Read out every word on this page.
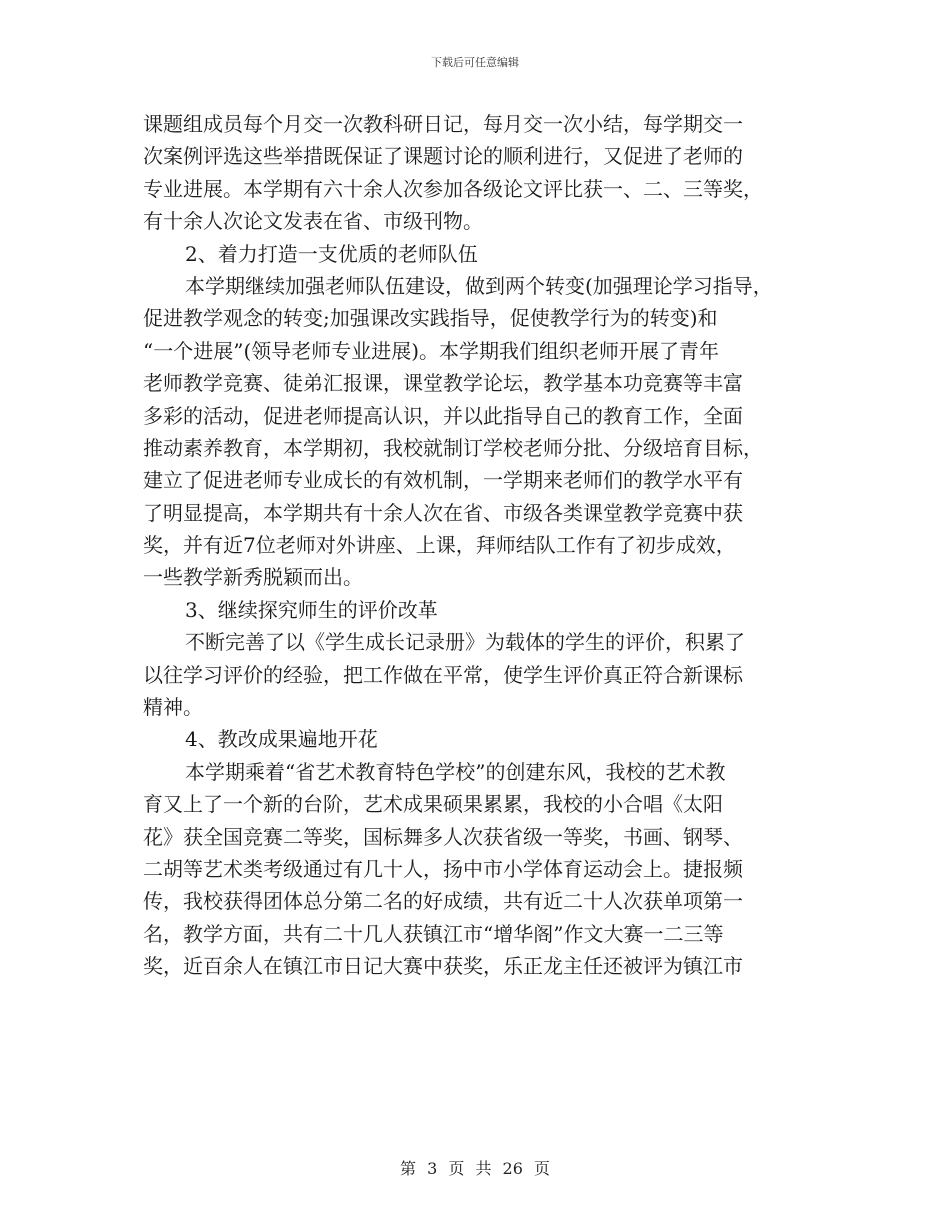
下载后可任意编辑
课题组成员每个月交一次教科研日记，每月交一次小结，每学期交一
次案例评选这些举措既保证了课题讨论的顺利进行，又促进了老师的
专业进展。本学期有六十余人次参加各级论文评比获一、二、三等奖，
有十余人次论文发表在省、市级刊物。
2、着力打造一支优质的老师队伍
本学期继续加强老师队伍建设，做到两个转变(加强理论学习指导，
促进教学观念的转变;加强课改实践指导，促使教学行为的转变)和
“一个进展”(领导老师专业进展)。本学期我们组织老师开展了青年
老师教学竞赛、徒弟汇报课，课堂教学论坛，教学基本功竞赛等丰富
多彩的活动，促进老师提高认识，并以此指导自己的教育工作，全面
推动素养教育，本学期初，我校就制订学校老师分批、分级培育目标，
建立了促进老师专业成长的有效机制，一学期来老师们的教学水平有
了明显提高，本学期共有十余人次在省、市级各类课堂教学竞赛中获
奖，并有近7位老师对外讲座、上课，拜师结队工作有了初步成效，
一些教学新秀脱颖而出。
3、继续探究师生的评价改革
不断完善了以《学生成长记录册》为载体的学生的评价，积累了
以往学习评价的经验，把工作做在平常，使学生评价真正符合新课标
精神。
4、教改成果遍地开花
本学期乘着“省艺术教育特色学校”的创建东风，我校的艺术教
育又上了一个新的台阶，艺术成果硕果累累，我校的小合唱《太阳
花》获全国竞赛二等奖，国标舞多人次获省级一等奖，书画、钢琴、
二胡等艺术类考级通过有几十人，扬中市小学体育运动会上。捷报频
传，我校获得团体总分第二名的好成绩，共有近二十人次获单项第一
名，教学方面，共有二十几人获镇江市“增华阁”作文大赛一二三等
奖，近百余人在镇江市日记大赛中获奖，乐正龙主任还被评为镇江市
第 3 页 共 26 页
